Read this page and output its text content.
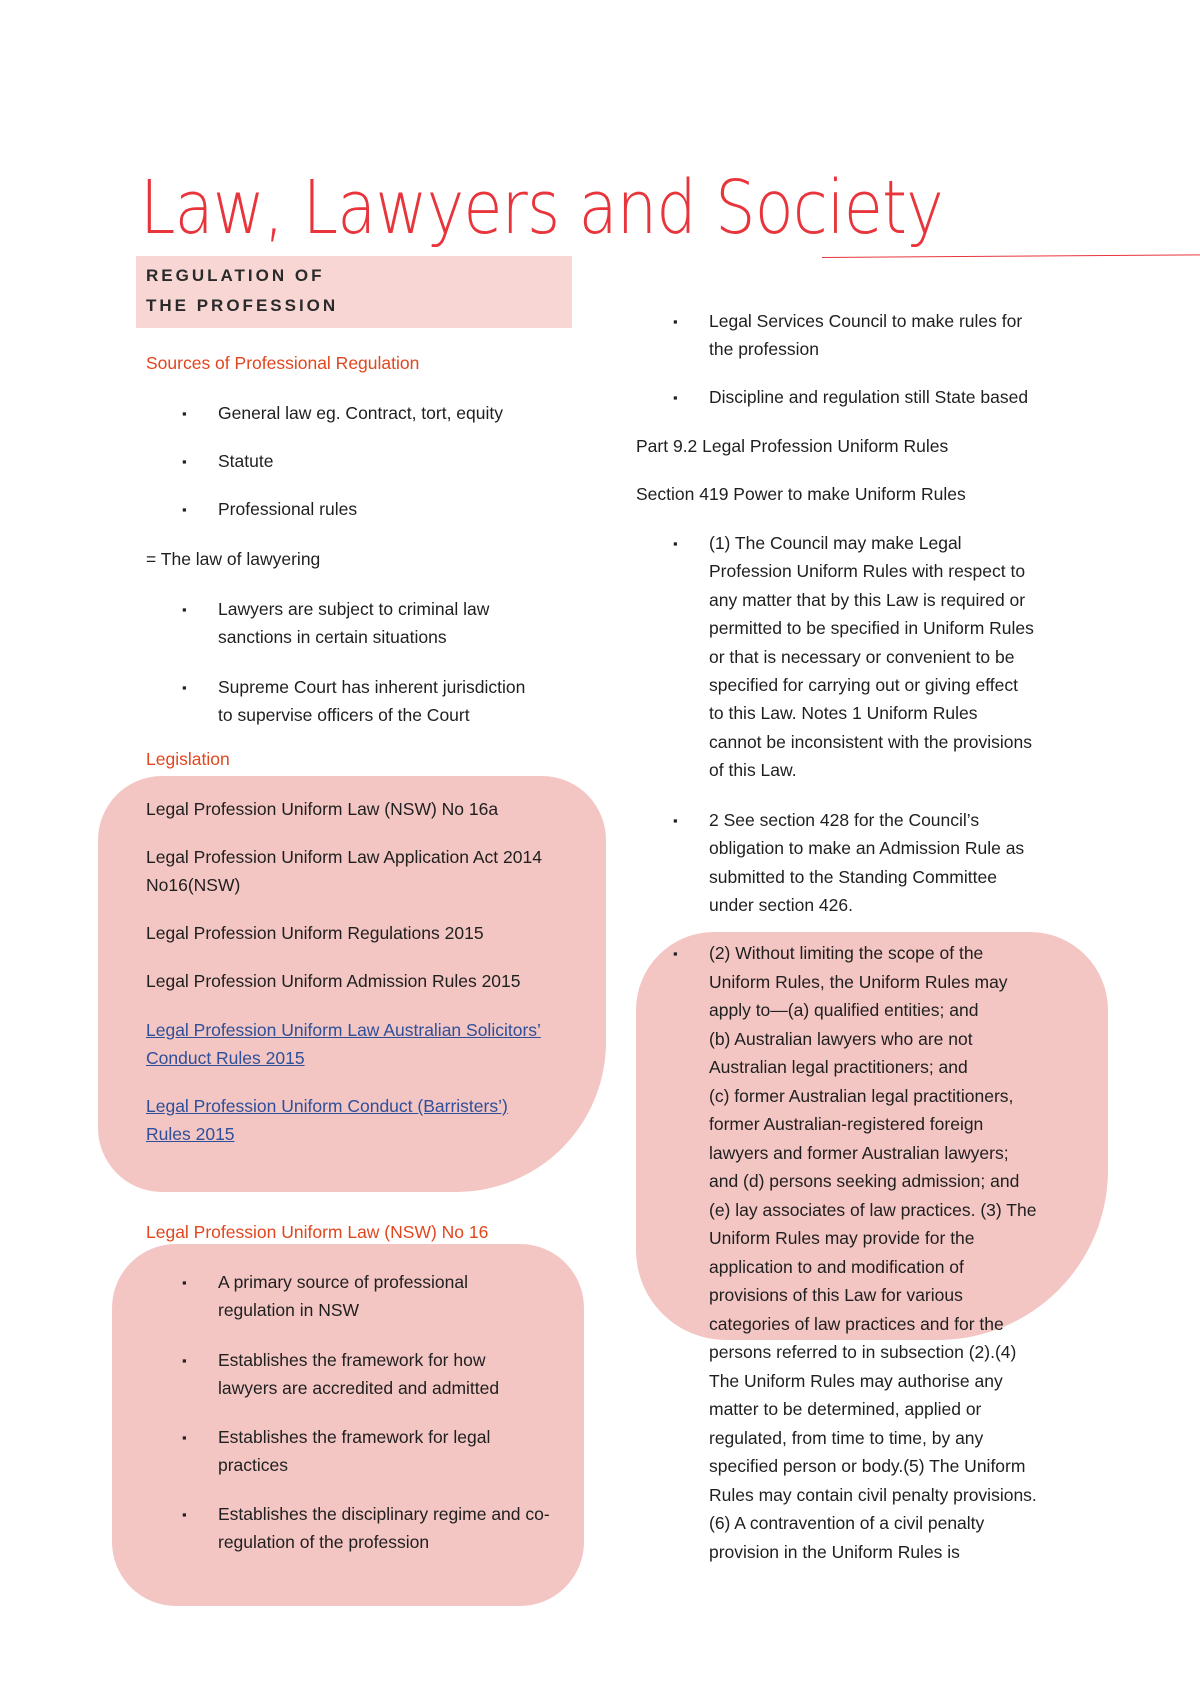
Law, Lawyers and Society
REGULATION OF
THE PROFESSION
Sources of Professional Regulation
▪ General law eg. Contract, tort, equity
▪ Statute
▪ Professional rules
= The law of lawyering
▪ Lawyers are subject to criminal law
sanctions in certain situations
▪ Supreme Court has inherent jurisdiction
to supervise officers of the Court
Legislation
Legal Profession Uniform Law (NSW) No 16a
Legal Profession Uniform Law Application Act 2014
No16(NSW)
Legal Profession Uniform Regulations 2015
Legal Profession Uniform Admission Rules 2015
Legal Profession Uniform Law Australian Solicitors’
Conduct Rules 2015
Legal Profession Uniform Conduct (Barristers’)
Rules 2015
Legal Profession Uniform Law (NSW) No 16
▪ A primary source of professional
regulation in NSW
▪ Establishes the framework for how
lawyers are accredited and admitted
▪ Establishes the framework for legal
practices
▪ Establishes the disciplinary regime and co-
regulation of the profession
▪ Legal Services Council to make rules for
the profession
▪ Discipline and regulation still State based
Part 9.2 Legal Profession Uniform Rules
Section 419 Power to make Uniform Rules
▪ (1) The Council may make Legal
Profession Uniform Rules with respect to
any matter that by this Law is required or
permitted to be specified in Uniform Rules
or that is necessary or convenient to be
specified for carrying out or giving effect
to this Law. Notes 1 Uniform Rules
cannot be inconsistent with the provisions
of this Law.
▪ 2 See section 428 for the Council’s
obligation to make an Admission Rule as
submitted to the Standing Committee
under section 426.
▪ (2) Without limiting the scope of the
Uniform Rules, the Uniform Rules may
apply to—(a) qualified entities; and
(b) Australian lawyers who are not
Australian legal practitioners; and
(c) former Australian legal practitioners,
former Australian-registered foreign
lawyers and former Australian lawyers;
and (d) persons seeking admission; and
(e) lay associates of law practices. (3) The
Uniform Rules may provide for the
application to and modification of
provisions of this Law for various
categories of law practices and for the
persons referred to in subsection (2).(4)
The Uniform Rules may authorise any
matter to be determined, applied or
regulated, from time to time, by any
specified person or body.(5) The Uniform
Rules may contain civil penalty provisions.
(6) A contravention of a civil penalty
provision in the Uniform Rules is
